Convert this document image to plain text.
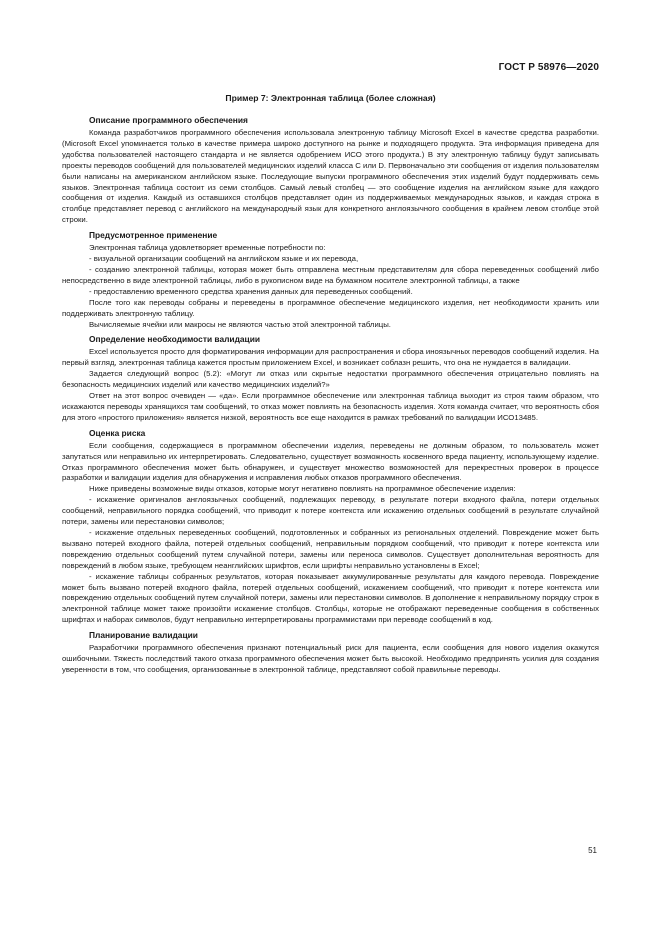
ГОСТ Р 58976—2020
Пример 7: Электронная таблица (более сложная)
Описание программного обеспечения

Команда разработчиков программного обеспечения использовала электронную таблицу Microsoft Excel в качестве средства разработки. (Microsoft Excel упоминается только в качестве примера широко доступного на рынке и подходящего продукта. Эта информация приведена для удобства пользователей настоящего стандарта и не является одобрением ИСО этого продукта.) В эту электронную таблицу будут записывать проекты переводов сообщений для пользователей медицинских изделий класса С или D. Первоначально эти сообщения от изделия пользователям были написаны на американском английском языке. Последующие выпуски программного обеспечения этих изделий будут поддерживать семь языков. Электронная таблица состоит из семи столбцов. Самый левый столбец — это сообщение изделия на английском языке для каждого сообщения от изделия. Каждый из оставшихся столбцов представляет один из поддерживаемых международных языков, и каждая строка в столбце представляет перевод с английского на международный язык для конкретного англоязычного сообщения в крайнем левом столбце этой строки.

Предусмотренное применение

Электронная таблица удовлетворяет временные потребности по:

- визуальной организации сообщений на английском языке и их перевода,

- созданию электронной таблицы, которая может быть отправлена местным представителям для сбора переведенных сообщений либо непосредственно в виде электронной таблицы, либо в рукописном виде на бумажном носителе электронной таблицы, а также

- предоставлению временного средства хранения данных для переведенных сообщений.

После того как переводы собраны и переведены в программное обеспечение медицинского изделия, нет необходимости хранить или поддерживать электронную таблицу.

Вычисляемые ячейки или макросы не являются частью этой электронной таблицы.

Определение необходимости валидации

Excel используется просто для форматирования информации для распространения и сбора иноязычных переводов сообщений изделия. На первый взгляд, электронная таблица кажется простым приложением Excel, и возникает соблазн решить, что она не нуждается в валидации.

Задается следующий вопрос (5.2): «Могут ли отказ или скрытые недостатки программного обеспечения отрицательно повлиять на безопасность медицинских изделий или качество медицинских изделий?»

Ответ на этот вопрос очевиден — «да». Если программное обеспечение или электронная таблица выходит из строя таким образом, что искажаются переводы хранящихся там сообщений, то отказ может повлиять на безопасность изделия. Хотя команда считает, что вероятность сбоя для этого «простого приложения» является низкой, вероятность все еще находится в рамках требований по валидации ИСО13485.

Оценка риска

Если сообщения, содержащиеся в программном обеспечении изделия, переведены не должным образом, то пользователь может запутаться или неправильно их интерпретировать. Следовательно, существует возможность косвенного вреда пациенту, использующему изделие. Отказ программного обеспечения может быть обнаружен, и существует множество возможностей для перекрестных проверок в процессе разработки и валидации изделия для обнаружения и исправления любых отказов программного обеспечения.

Ниже приведены возможные виды отказов, которые могут негативно повлиять на программное обеспечение изделия:

- искажение оригиналов англоязычных сообщений, подлежащих переводу, в результате потери входного файла, потери отдельных сообщений, неправильного порядка сообщений, что приводит к потере контекста или искажению отдельных сообщений в результате случайной потери, замены или перестановки символов;

- искажение отдельных переведенных сообщений, подготовленных и собранных из региональных отделений. Повреждение может быть вызвано потерей входного файла, потерей отдельных сообщений, неправильным порядком сообщений, что приводит к потере контекста или повреждению отдельных сообщений путем случайной потери, замены или переноса символов. Существует дополнительная вероятность для повреждений в любом языке, требующем неанглийских шрифтов, если шрифты неправильно установлены в Excel;

- искажение таблицы собранных результатов, которая показывает аккумулированные результаты для каждого перевода. Повреждение может быть вызвано потерей входного файла, потерей отдельных сообщений, искажением сообщений, что приводит к потере контекста или повреждению отдельных сообщений путем случайной потери, замены или перестановки символов. В дополнение к неправильному порядку строк в электронной таблице может также произойти искажение столбцов. Столбцы, которые не отображают переведенные сообщения в собственных шрифтах и наборах символов, будут неправильно интерпретированы программистами при переводе сообщений в код.

Планирование валидации

Разработчики программного обеспечения признают потенциальный риск для пациента, если сообщения для нового изделия окажутся ошибочными. Тяжесть последствий такого отказа программного обеспечения может быть высокой. Необходимо предпринять усилия для создания уверенности в том, что сообщения, организованные в электронной таблице, представляют собой правильные переводы.

51
